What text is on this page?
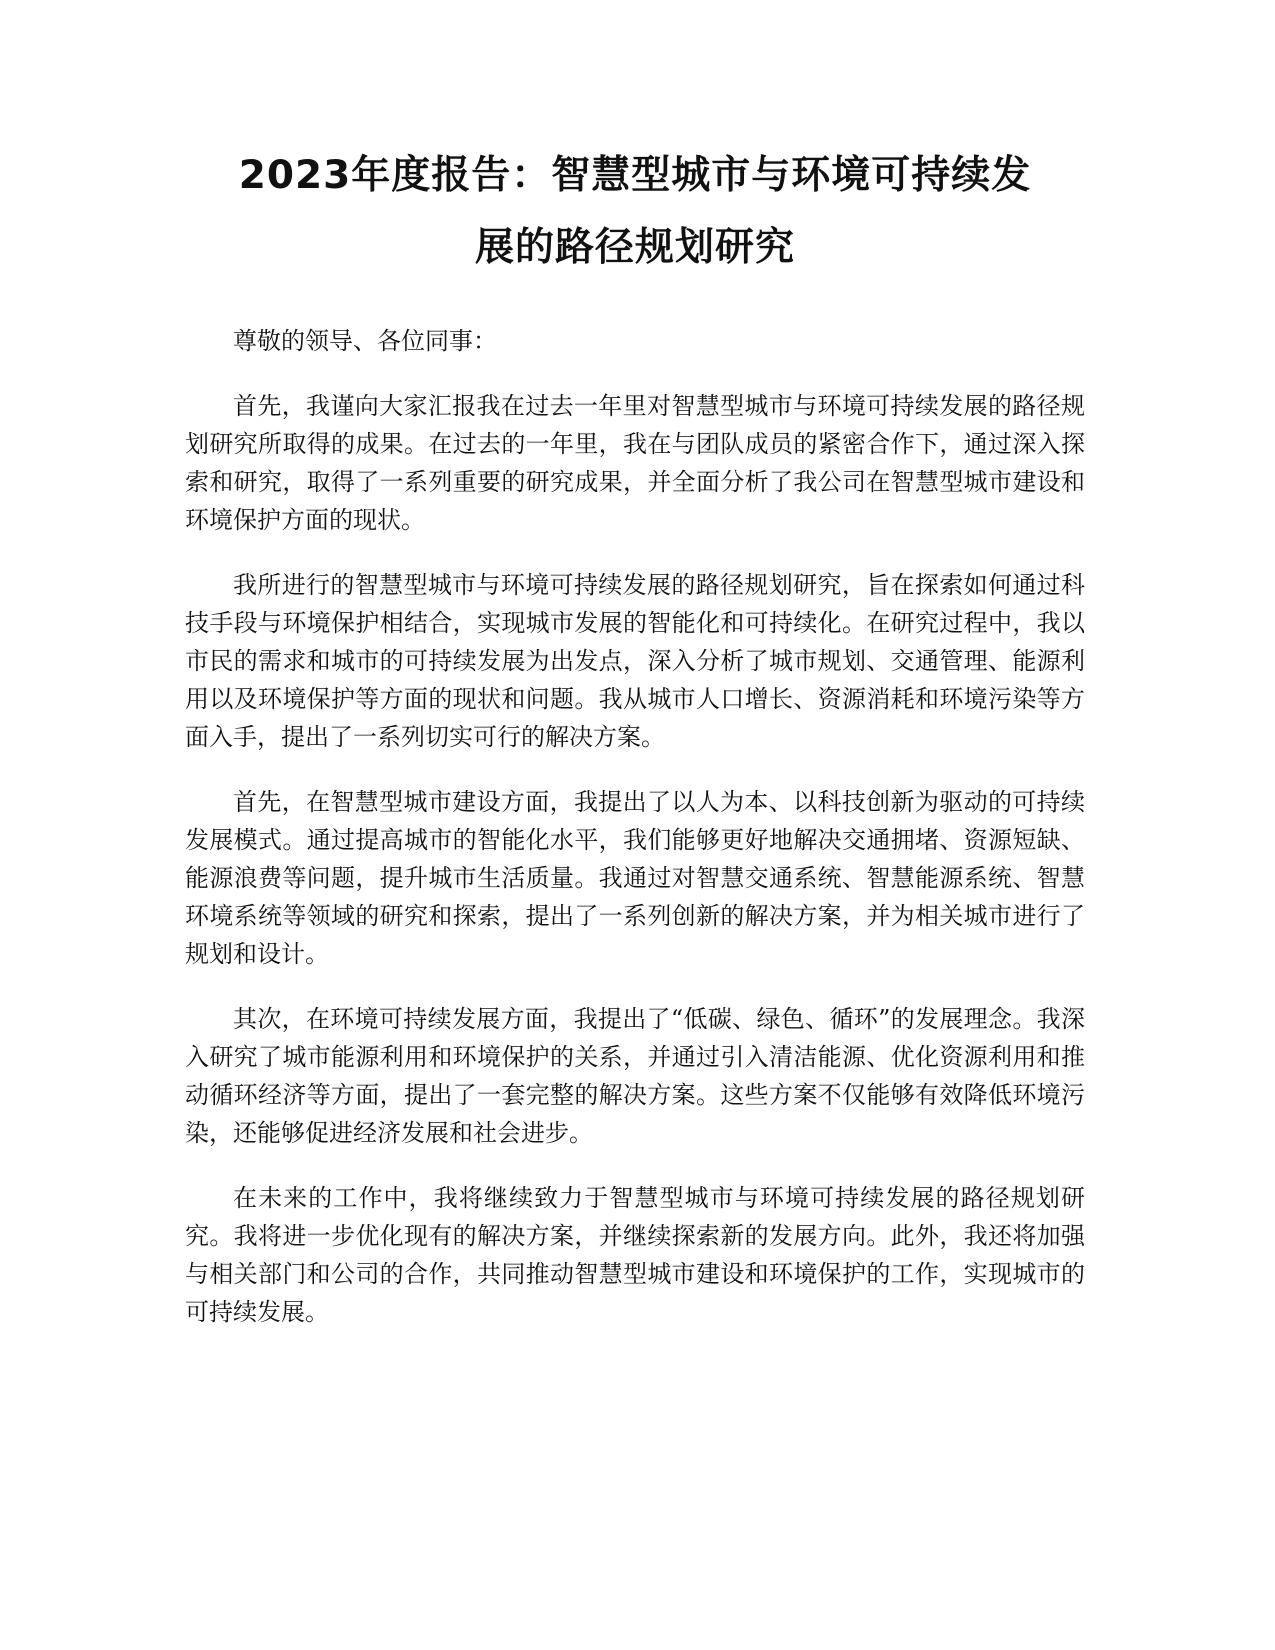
2023年度报告：智慧型城市与环境可持续发
展的路径规划研究

尊敬的领导、各位同事：

首先，我谨向大家汇报我在过去一年里对智慧型城市与环境可持续发展的路径规划研究所取得的成果。在过去的一年里，我在与团队成员的紧密合作下，通过深入探索和研究，取得了一系列重要的研究成果，并全面分析了我公司在智慧型城市建设和环境保护方面的现状。

我所进行的智慧型城市与环境可持续发展的路径规划研究，旨在探索如何通过科技手段与环境保护相结合，实现城市发展的智能化和可持续化。在研究过程中，我以市民的需求和城市的可持续发展为出发点，深入分析了城市规划、交通管理、能源利用以及环境保护等方面的现状和问题。我从城市人口增长、资源消耗和环境污染等方面入手，提出了一系列切实可行的解决方案。

首先，在智慧型城市建设方面，我提出了以人为本、以科技创新为驱动的可持续发展模式。通过提高城市的智能化水平，我们能够更好地解决交通拥堵、资源短缺、能源浪费等问题，提升城市生活质量。我通过对智慧交通系统、智慧能源系统、智慧环境系统等领域的研究和探索，提出了一系列创新的解决方案，并为相关城市进行了规划和设计。

其次，在环境可持续发展方面，我提出了“低碳、绿色、循环”的发展理念。我深入研究了城市能源利用和环境保护的关系，并通过引入清洁能源、优化资源利用和推动循环经济等方面，提出了一套完整的解决方案。这些方案不仅能够有效降低环境污染，还能够促进经济发展和社会进步。

在未来的工作中，我将继续致力于智慧型城市与环境可持续发展的路径规划研究。我将进一步优化现有的解决方案，并继续探索新的发展方向。此外，我还将加强与相关部门和公司的合作，共同推动智慧型城市建设和环境保护的工作，实现城市的可持续发展。
